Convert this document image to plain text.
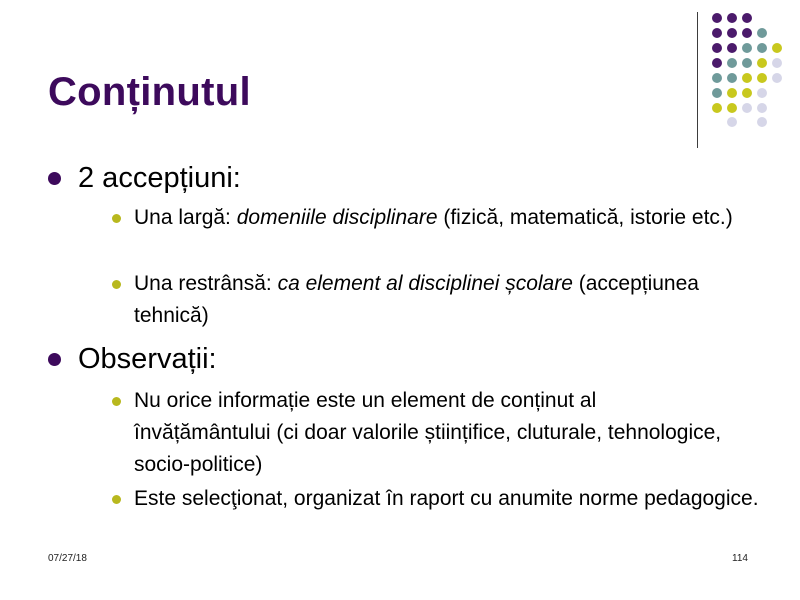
Conținutul
2 accepțiuni:
Una largă: domeniile disciplinare (fizică, matematică, istorie etc.)
Una restrânsă: ca element al disciplinei școlare (accepțiunea tehnică)
Observații:
Nu orice informație este un element de conținut al învățământului (ci doar valorile științifice, cluturale, tehnologice, socio-politice)
Este selecţionat, organizat în raport cu anumite norme pedagogice.
07/27/18	114
